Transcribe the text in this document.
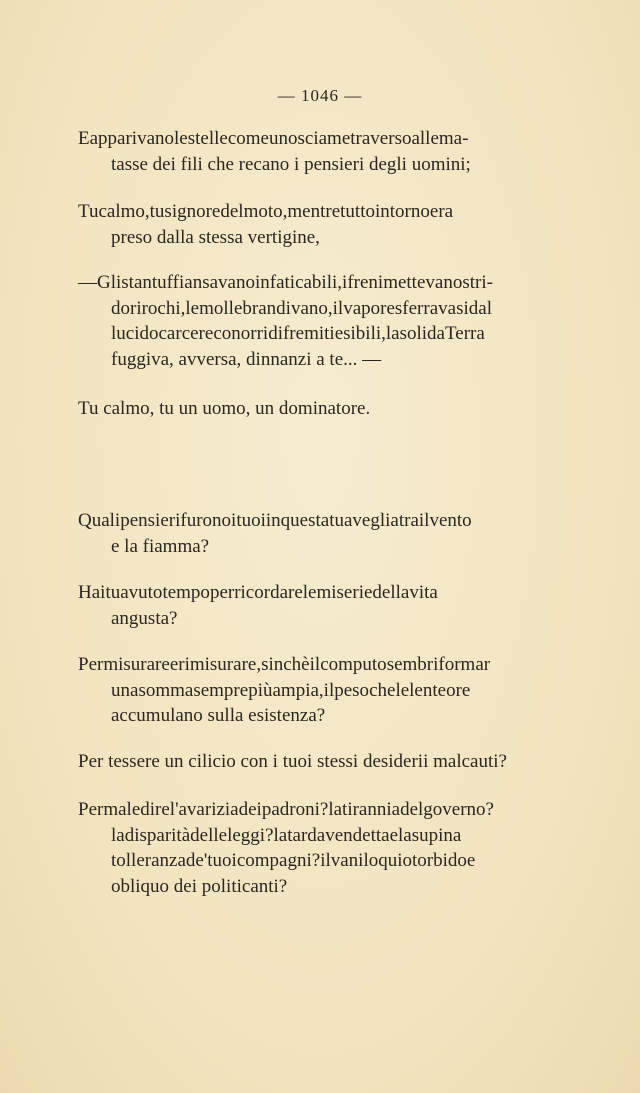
— 1046 —
Eapparivanolestellecomeunosciametraversoallema-
tasse dei fili che recano i pensieri degli uomini;
Tucalmo,tusignoredelmoto,mentretuttointornoera
preso dalla stessa vertigine,
—Glistantuffiansavanoinfaticabili,ifrenimettevanostri-
dorirochi,lemollebrandivano,ilvaporesferravasidal
lucidocarcereconorridifremitiesibili,lasolidaTerra
fuggiva, avversa, dinnanzi a te... —
Tu calmo, tu un uomo, un dominatore.
Qualipensierifuronoituoiinquestatuavegliatrailvento
e la fiamma?
Haituavutotempoperricordarelemiseriedellavita
angusta?
Permisurareerimisurare,sinchèilcomputosembriformar
unasommasemprepiùampia,ilpesochelelenteore
accumulano sulla esistenza?
Per tessere un cilicio con i tuoi stessi desiderii malcauti?
Permaledirel'avariziadeipadroni?latiranniadelgoverno?
ladisparitàdelleleggi?latardavendettaelasupina
tolleranzade'tuoicompagni?ilvaniloquiotorbidoe
obliquo dei politicanti?
